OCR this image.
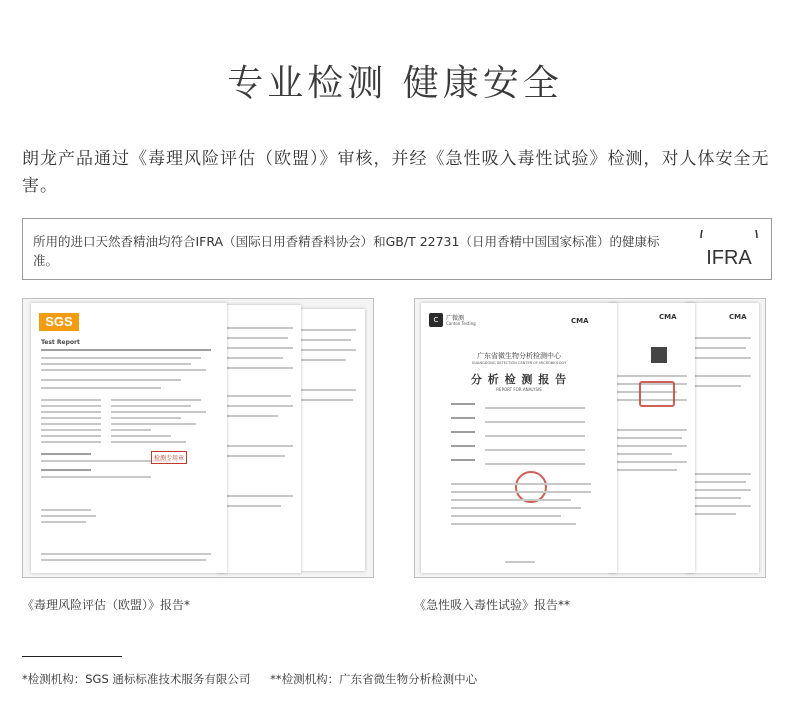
专业检测 健康安全
朗龙产品通过《毒理风险评估（欧盟）》审核，并经《急性吸入毒性试验》检测，对人体安全无害。
所用的进口天然香精油均符合IFRA（国际日用香精香料协会）和GB/T 22731（日用香精中国国家标准）的健康标准。	IFRA
SGS
Test Report
检测专用章
CMA
CMA
C	广微测
Canton Testing	CMA
广东省微生物分析检测中心
GUANGDONG DETECTION CENTER OF MICROBIOLOGY
分 析 检 测 报 告
REPORT FOR ANALYSIS
《毒理风险评估（欧盟）》报告*	《急性吸入毒性试验》报告**
*检测机构：SGS 通标标准技术服务有限公司 **检测机构：广东省微生物分析检测中心
